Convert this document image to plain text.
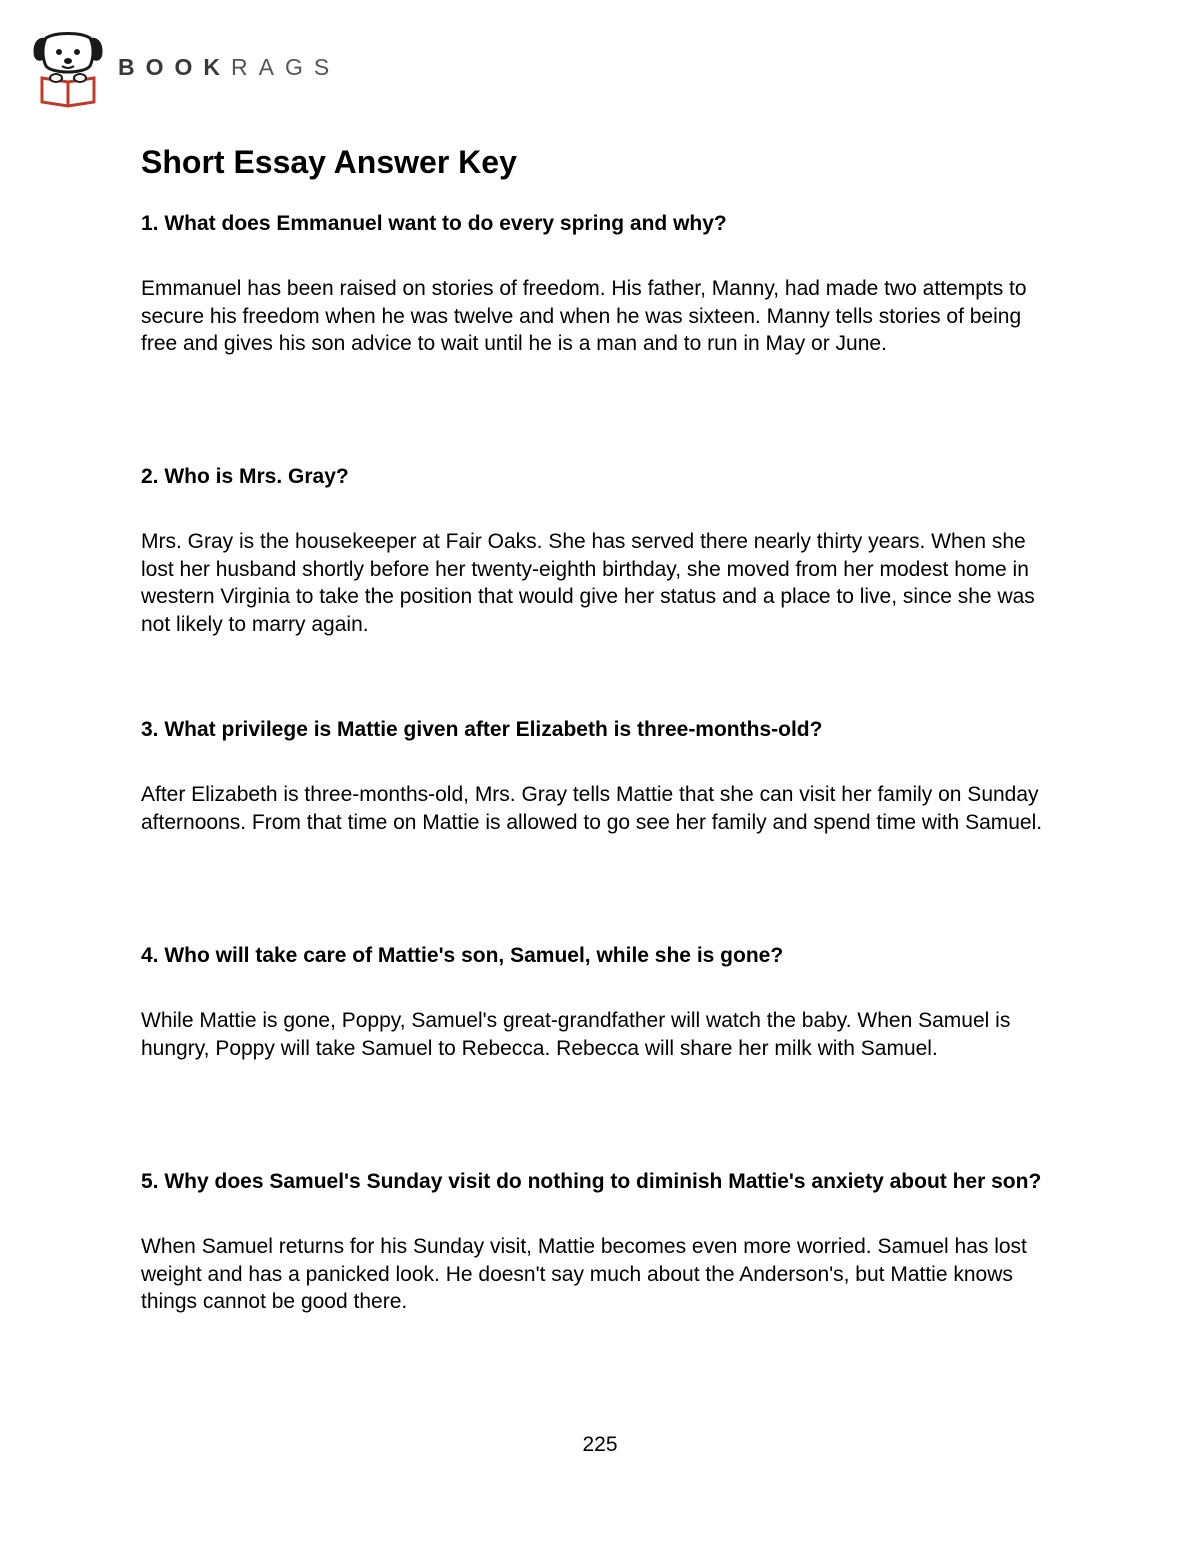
BOOKRAGS
Short Essay Answer Key

1. What does Emmanuel want to do every spring and why?

Emmanuel has been raised on stories of freedom. His father, Manny, had made two attempts to secure his freedom when he was twelve and when he was sixteen. Manny tells stories of being free and gives his son advice to wait until he is a man and to run in May or June.

2. Who is Mrs. Gray?

Mrs. Gray is the housekeeper at Fair Oaks. She has served there nearly thirty years. When she lost her husband shortly before her twenty-eighth birthday, she moved from her modest home in western Virginia to take the position that would give her status and a place to live, since she was not likely to marry again.

3. What privilege is Mattie given after Elizabeth is three-months-old?

After Elizabeth is three-months-old, Mrs. Gray tells Mattie that she can visit her family on Sunday afternoons. From that time on Mattie is allowed to go see her family and spend time with Samuel.

4. Who will take care of Mattie's son, Samuel, while she is gone?

While Mattie is gone, Poppy, Samuel's great-grandfather will watch the baby. When Samuel is hungry, Poppy will take Samuel to Rebecca. Rebecca will share her milk with Samuel.

5. Why does Samuel's Sunday visit do nothing to diminish Mattie's anxiety about her son?

When Samuel returns for his Sunday visit, Mattie becomes even more worried. Samuel has lost weight and has a panicked look. He doesn't say much about the Anderson's, but Mattie knows things cannot be good there.

225
